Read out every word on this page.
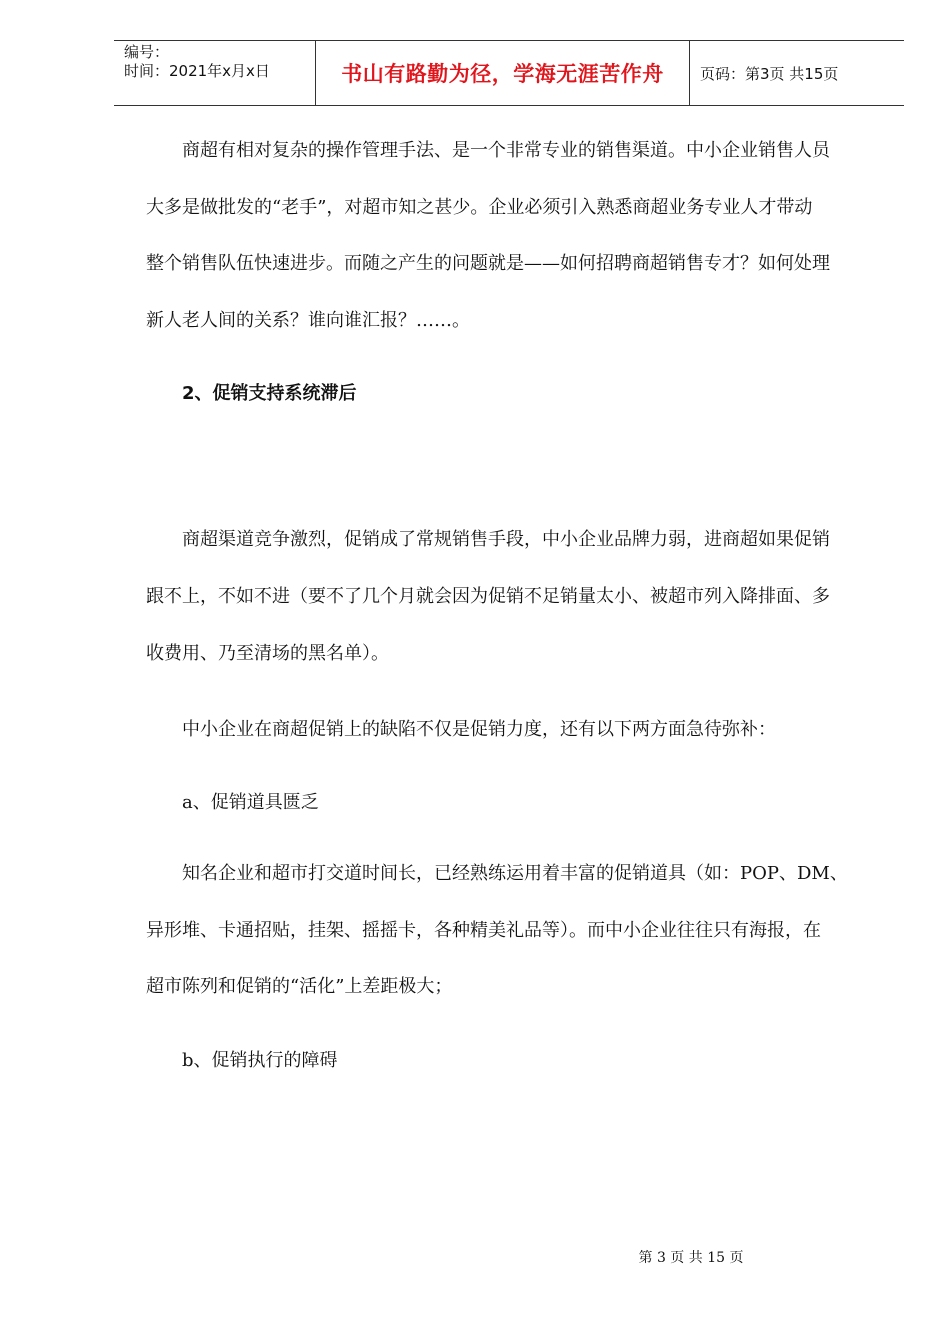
编号：
时间：2021年x月x日	书山有路勤为径，学海无涯苦作舟 页码：第3页 共15页
　　商超有相对复杂的操作管理手法、是一个非常专业的销售渠道。中小企业销售人员
大多是做批发的“老手”，对超市知之甚少。企业必须引入熟悉商超业务专业人才带动
整个销售队伍快速进步。而随之产生的问题就是——如何招聘商超销售专才？如何处理
新人老人间的关系？谁向谁汇报？……。
2、促销支持系统滞后
　　商超渠道竞争激烈，促销成了常规销售手段，中小企业品牌力弱，进商超如果促销
跟不上，不如不进（要不了几个月就会因为促销不足销量太小、被超市列入降排面、多
收费用、乃至清场的黑名单）。
　　中小企业在商超促销上的缺陷不仅是促销力度，还有以下两方面急待弥补：
　　a、促销道具匮乏
　　知名企业和超市打交道时间长，已经熟练运用着丰富的促销道具（如：POP、DM、
异形堆、卡通招贴，挂架、摇摇卡，各种精美礼品等）。而中小企业往往只有海报，在
超市陈列和促销的“活化”上差距极大；
　　b、促销执行的障碍
第 3 页 共 15 页
